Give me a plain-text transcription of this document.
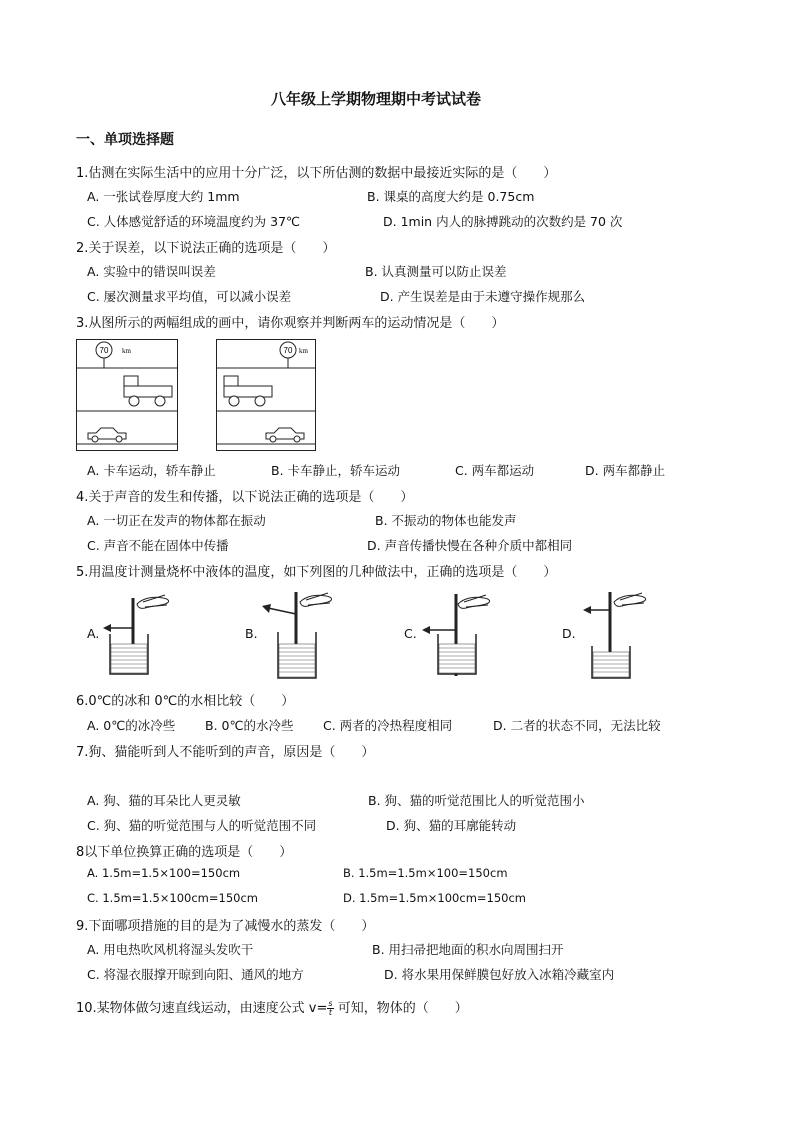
八年级上学期物理期中考试试卷
一、单项选择题
1.估测在实际生活中的应用十分广泛，以下所估测的数据中最接近实际的是（　　）
A. 一张试卷厚度大约 1mm	B. 课桌的高度大约是 0.75cm
C. 人体感觉舒适的环境温度约为 37℃	D. 1min 内人的脉搏跳动的次数约是 70 次
2.关于误差，以下说法正确的选项是（　　）
A. 实验中的错误叫误差	B. 认真测量可以防止误差
C. 屡次测量求平均值，可以减小误差	D. 产生误差是由于未遵守操作规那么
3.从图所示的两幅组成的画中，请你观察并判断两车的运动情况是（　　）
70 km	70 km
A. 卡车运动，轿车静止	B. 卡车静止，轿车运动	C. 两车都运动	D. 两车都静止
4.关于声音的发生和传播，以下说法正确的选项是（　　）
A. 一切正在发声的物体都在振动	B. 不振动的物体也能发声
C. 声音不能在固体中传播	D. 声音传播快慢在各种介质中都相同
5.用温度计测量烧杯中液体的温度，如下列图的几种做法中，正确的选项是（　　）
A.	B.	C.	D.
6.0℃的冰和 0℃的水相比较（　　）
A. 0℃的冰冷些 B. 0℃的水冷些 C. 两者的冷热程度相同	D. 二者的状态不同，无法比较
7.狗、猫能听到人不能听到的声音，原因是（　　）
A. 狗、猫的耳朵比人更灵敏	B. 狗、猫的听觉范围比人的听觉范围小
C. 狗、猫的听觉范围与人的听觉范围不同	D. 狗、猫的耳廓能转动
8以下单位换算正确的选项是（　　）
A. 1.5m=1.5×100=150cm	B. 1.5m=1.5m×100=150cm
C. 1.5m=1.5×100cm=150cm	D. 1.5m=1.5m×100cm=150cm
9.下面哪项措施的目的是为了减慢水的蒸发（　　）
A. 用电热吹风机将湿头发吹干	B. 用扫帚把地面的积水向周围扫开
C. 将湿衣服撑开晾到向阳、通风的地方	D. 将水果用保鲜膜包好放入冰箱冷藏室内
10.某物体做匀速直线运动，由速度公式 $v= \frac{s}{t}$ 可知，物体的（　　）
